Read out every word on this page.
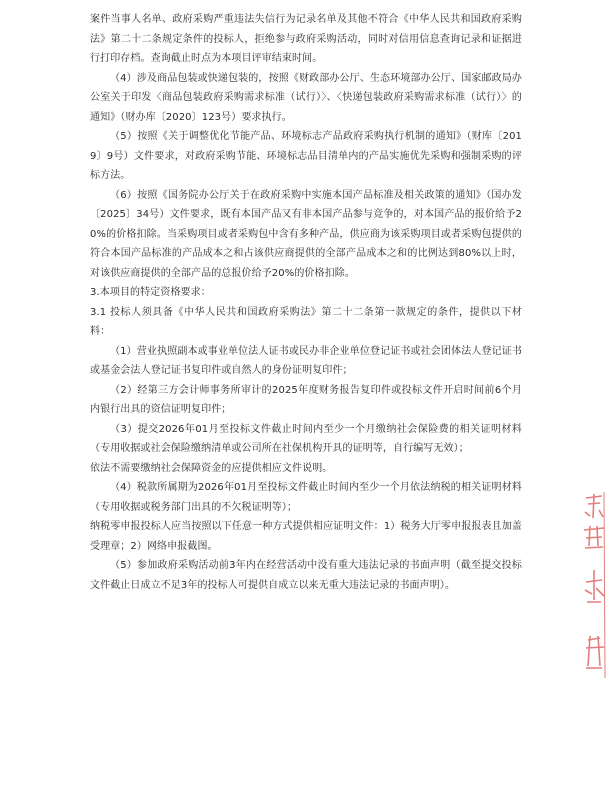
案件当事人名单、政府采购严重违法失信行为记录名单及其他不符合《中华人民共和国政府采购法》第二十二条规定条件的投标人，拒绝参与政府采购活动，同时对信用信息查询记录和证据进行打印存档。查询截止时点为本项目评审结束时间。

（4）涉及商品包装或快递包装的，按照《财政部办公厅、生态环境部办公厅、国家邮政局办公室关于印发〈商品包装政府采购需求标准（试行）〉、〈快递包装政府采购需求标准（试行）〉的通知》（财办库〔2020〕123号）要求执行。

（5）按照《关于调整优化节能产品、环境标志产品政府采购执行机制的通知》（财库〔2019〕9号）文件要求，对政府采购节能、环境标志品目清单内的产品实施优先采购和强制采购的评标方法。

（6）按照《国务院办公厅关于在政府采购中实施本国产品标准及相关政策的通知》（国办发〔2025〕34号）文件要求，既有本国产品又有非本国产品参与竞争的，对本国产品的报价给予20%的价格扣除。当采购项目或者采购包中含有多种产品，供应商为该采购项目或者采购包提供的符合本国产品标准的产品成本之和占该供应商提供的全部产品成本之和的比例达到80%以上时，对该供应商提供的全部产品的总报价给予20%的价格扣除。

3.本项目的特定资格要求：

3.1 投标人须具备《中华人民共和国政府采购法》第二十二条第一款规定的条件，提供以下材料：

（1）营业执照副本或事业单位法人证书或民办非企业单位登记证书或社会团体法人登记证书或基金会法人登记证书复印件或自然人的身份证明复印件；

（2）经第三方会计师事务所审计的2025年度财务报告复印件或投标文件开启时间前6个月内银行出具的资信证明复印件；

（3）提交2026年01月至投标文件截止时间内至少一个月缴纳社会保险费的相关证明材料（专用收据或社会保险缴纳清单或公司所在社保机构开具的证明等，自行编写无效）；

依法不需要缴纳社会保障资金的应提供相应文件说明。

（4）税款所属期为2026年01月至投标文件截止时间内至少一个月依法纳税的相关证明材料（专用收据或税务部门出具的不欠税证明等）；

纳税零申报投标人应当按照以下任意一种方式提供相应证明文件：1）税务大厅零申报报表且加盖受理章；2）网络申报截图。

（5）参加政府采购活动前3年内在经营活动中没有重大违法记录的书面声明（截至提交投标文件截止日成立不足3年的投标人可提供自成立以来无重大违法记录的书面声明）。
